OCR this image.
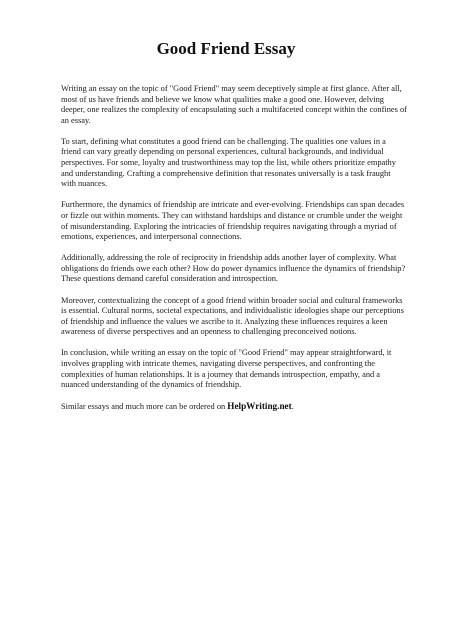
Good Friend Essay

Writing an essay on the topic of "Good Friend" may seem deceptively simple at first glance. After all, most of us have friends and believe we know what qualities make a good one. However, delving deeper, one realizes the complexity of encapsulating such a multifaceted concept within the confines of an essay.

To start, defining what constitutes a good friend can be challenging. The qualities one values in a friend can vary greatly depending on personal experiences, cultural backgrounds, and individual perspectives. For some, loyalty and trustworthiness may top the list, while others prioritize empathy and understanding. Crafting a comprehensive definition that resonates universally is a task fraught with nuances.

Furthermore, the dynamics of friendship are intricate and ever-evolving. Friendships can span decades or fizzle out within moments. They can withstand hardships and distance or crumble under the weight of misunderstanding. Exploring the intricacies of friendship requires navigating through a myriad of emotions, experiences, and interpersonal connections.

Additionally, addressing the role of reciprocity in friendship adds another layer of complexity. What obligations do friends owe each other? How do power dynamics influence the dynamics of friendship? These questions demand careful consideration and introspection.

Moreover, contextualizing the concept of a good friend within broader social and cultural frameworks is essential. Cultural norms, societal expectations, and individualistic ideologies shape our perceptions of friendship and influence the values we ascribe to it. Analyzing these influences requires a keen awareness of diverse perspectives and an openness to challenging preconceived notions.

In conclusion, while writing an essay on the topic of "Good Friend" may appear straightforward, it involves grappling with intricate themes, navigating diverse perspectives, and confronting the complexities of human relationships. It is a journey that demands introspection, empathy, and a nuanced understanding of the dynamics of friendship.

Similar essays and much more can be ordered on HelpWriting.net.
